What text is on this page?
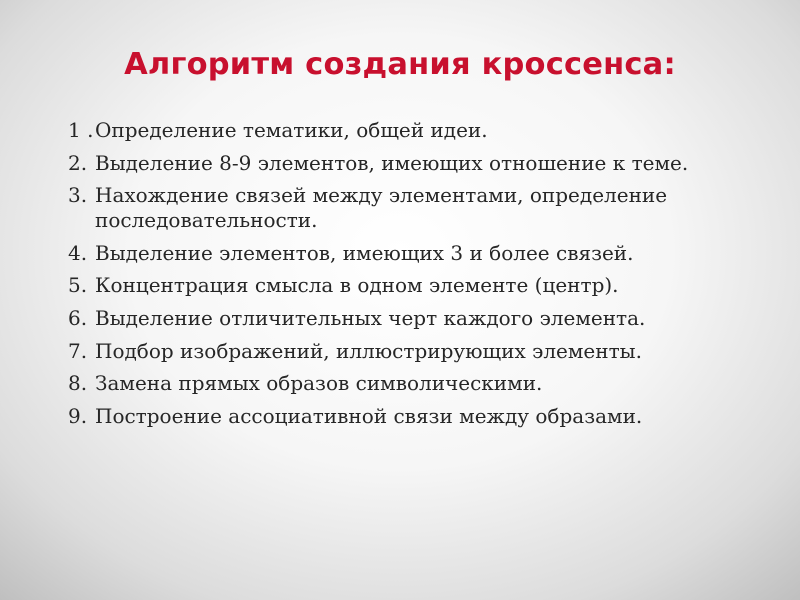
Алгоритм создания кроссенса:
1 . Определение тематики, общей идеи.
2. Выделение 8-9 элементов, имеющих отношение к теме.
3. Нахождение связей между элементами, определение последовательности.
4. Выделение элементов, имеющих 3 и более связей.
5. Концентрация смысла в одном элементе (центр).
6. Выделение отличительных черт каждого элемента.
7. Подбор изображений, иллюстрирующих элементы.
8. Замена прямых образов символическими.
9. Построение ассоциативной связи между образами.
